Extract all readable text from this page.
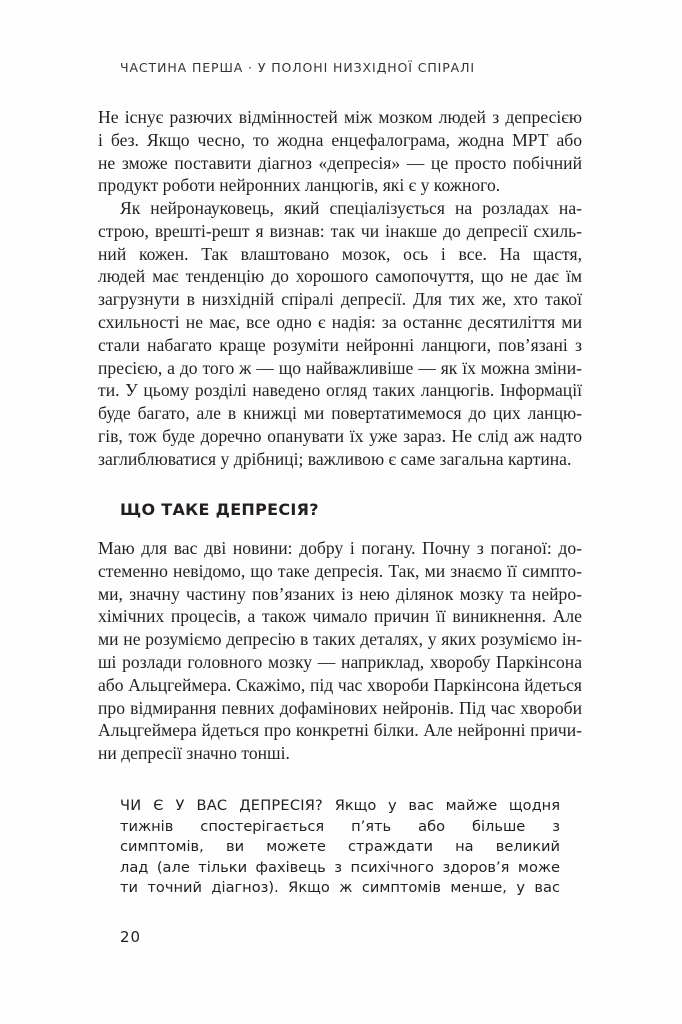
ЧАСТИНА ПЕРША · У ПОЛОНІ НИЗХІДНОЇ СПІРАЛІ
Не існує разючих відмінностей між мозком людей з депресією
і без. Якщо чесно, то жодна енцефалограма, жодна МРТ або
не зможе поставити діагноз «депресія» — це просто побічний
продукт роботи нейронних ланцюгів, які є у кожного.
Як нейронауковець, який спеціалізується на розладах на-
строю, врешті-решт я визнав: так чи інакше до депресії схиль-
ний кожен. Так влаштовано мозок, ось і все. На щастя,
людей має тенденцію до хорошого самопочуття, що не дає їм
загрузнути в низхідній спіралі депресії. Для тих же, хто такої
схильності не має, все одно є надія: за останнє десятиліття ми
стали набагато краще розуміти нейронні ланцюги, пов’язані з
пресією, а до того ж — що найважливіше — як їх можна зміни-
ти. У цьому розділі наведено огляд таких ланцюгів. Інформації
буде багато, але в книжці ми повертатимемося до цих ланцю-
гів, тож буде доречно опанувати їх уже зараз. Не слід аж надто
заглиблюватися у дрібниці; важливою є саме загальна картина.
ЩО ТАКЕ ДЕПРЕСІЯ?
Маю для вас дві новини: добру і погану. Почну з поганої: до-
стеменно невідомо, що таке депресія. Так, ми знаємо її симпто-
ми, значну частину пов’язаних із нею ділянок мозку та нейро-
хімічних процесів, а також чимало причин її виникнення. Але
ми не розуміємо депресію в таких деталях, у яких розуміємо ін-
ші розлади головного мозку — наприклад, хворобу Паркінсона
або Альцгеймера. Скажімо, під час хвороби Паркінсона йдеться
про відмирання певних дофамінових нейронів. Під час хвороби
Альцгеймера йдеться про конкретні білки. Але нейронні причи-
ни депресії значно тонші.
ЧИ Є У ВАС ДЕПРЕСІЯ? Якщо у вас майже щодня
тижнів спостерігається п’ять або більше з
симптомів, ви можете страждати на великий
лад (але тільки фахівець з психічного здоров’я може
ти точний діагноз). Якщо ж симптомів менше, у вас
20
